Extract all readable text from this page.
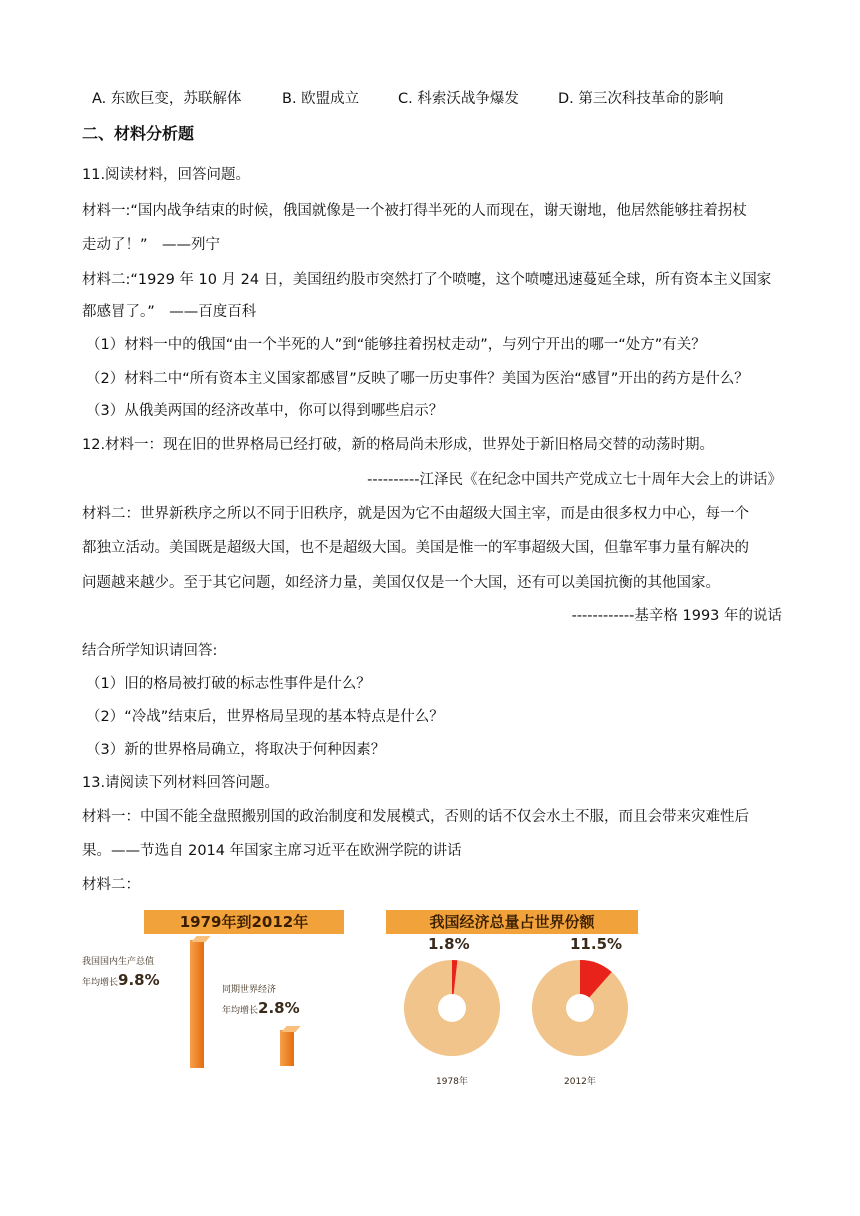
A. 东欧巨变，苏联解体	B. 欧盟成立	C. 科索沃战争爆发	D. 第三次科技革命的影响
二、材料分析题
11.阅读材料，回答问题。
材料一:“国内战争结束的时候，俄国就像是一个被打得半死的人而现在，谢天谢地，他居然能够拄着拐杖
走动了！”　——列宁
材料二:“1929 年 10 月 24 日，美国纽约股市突然打了个喷嚏，这个喷嚏迅速蔓延全球，所有资本主义国家
都感冒了。”　——百度百科
（1）材料一中的俄国“由一个半死的人”到“能够拄着拐杖走动”，与列宁开出的哪一“处方”有关？
（2）材料二中“所有资本主义国家都感冒”反映了哪一历史事件？美国为医治“感冒”开出的药方是什么？
（3）从俄美两国的经济改革中，你可以得到哪些启示？
12.材料一：现在旧的世界格局已经打破，新的格局尚未形成，世界处于新旧格局交替的动荡时期。
----------江泽民《在纪念中国共产党成立七十周年大会上的讲话》
材料二：世界新秩序之所以不同于旧秩序，就是因为它不由超级大国主宰，而是由很多权力中心，每一个
都独立活动。美国既是超级大国，也不是超级大国。美国是惟一的军事超级大国，但靠军事力量有解决的
问题越来越少。至于其它问题，如经济力量，美国仅仅是一个大国，还有可以美国抗衡的其他国家。
------------基辛格 1993 年的说话
结合所学知识请回答:
（1）旧的格局被打破的标志性事件是什么？
（2）“冷战”结束后，世界格局呈现的基本特点是什么？
（3）新的世界格局确立，将取决于何种因素？
13.请阅读下列材料回答问题。
材料一：中国不能全盘照搬别国的政治制度和发展模式，否则的话不仅会水土不服，而且会带来灾难性后
果。——节选自 2014 年国家主席习近平在欧洲学院的讲话
材料二：
1979年到2012年
我国国内生产总值
年均增长9.8%
同期世界经济
年均增长2.8%
我国经济总量占世界份额
1.8%	11.5%
1978年	2012年
